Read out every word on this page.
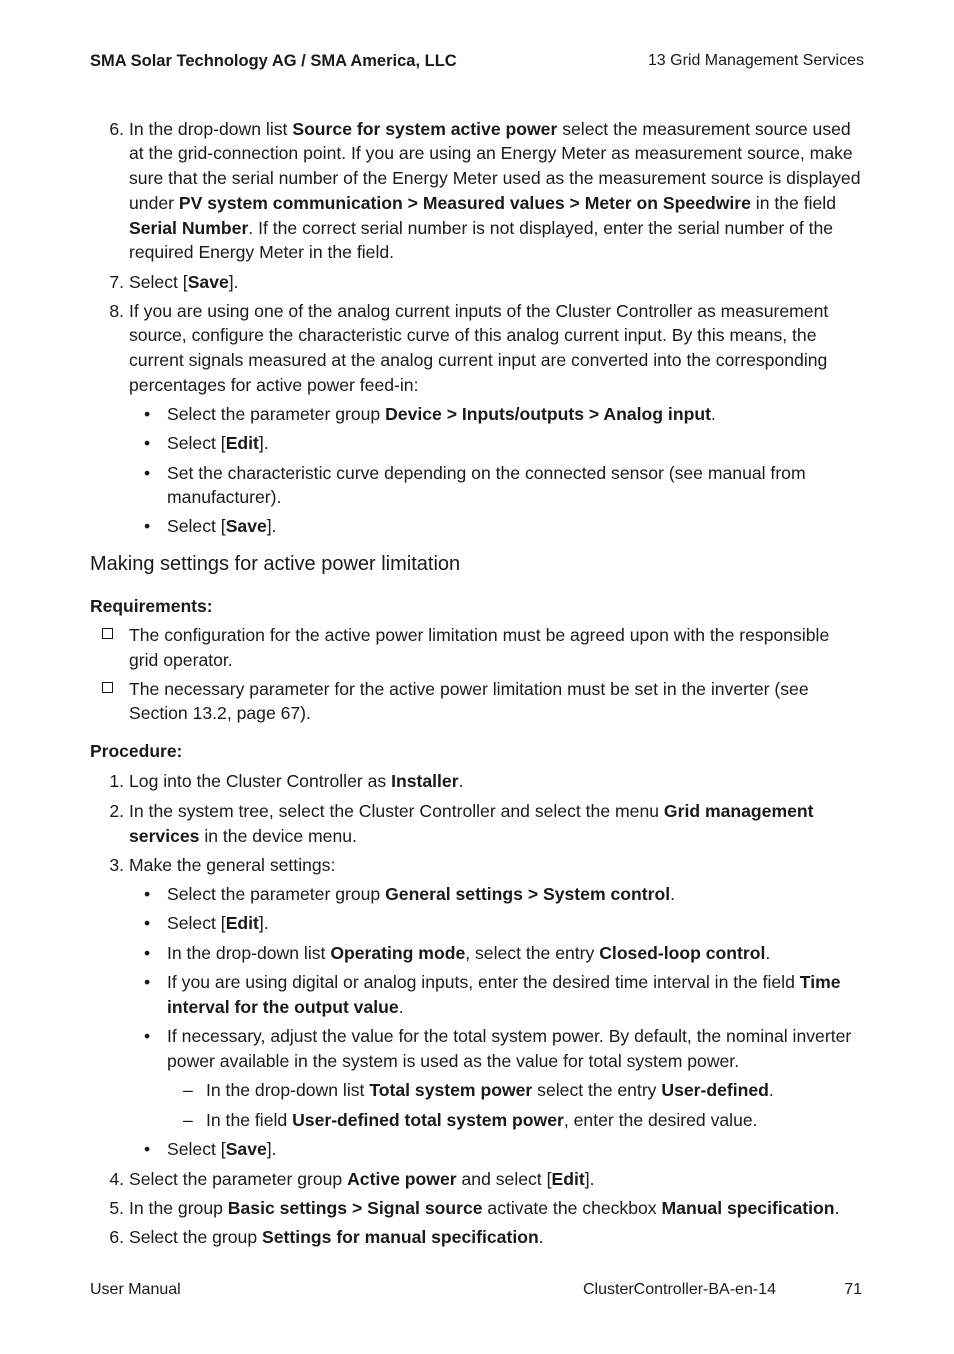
SMA Solar Technology AG / SMA America, LLC	13 Grid Management Services
6. In the drop-down list Source for system active power select the measurement source used
at the grid-connection point. If you are using an Energy Meter as measurement source, make
sure that the serial number of the Energy Meter used as the measurement source is displayed
under PV system communication > Measured values > Meter on Speedwire in the field
Serial Number. If the correct serial number is not displayed, enter the serial number of the
required Energy Meter in the field.
7. Select [Save].
8. If you are using one of the analog current inputs of the Cluster Controller as measurement
source, configure the characteristic curve of this analog current input. By this means, the
current signals measured at the analog current input are converted into the corresponding
percentages for active power feed-in:
• Select the parameter group Device > Inputs/outputs > Analog input.
• Select [Edit].
• Set the characteristic curve depending on the connected sensor (see manual from
manufacturer).
• Select [Save].
Making settings for active power limitation
Requirements:
The configuration for the active power limitation must be agreed upon with the responsible
grid operator.
The necessary parameter for the active power limitation must be set in the inverter (see
Section 13.2, page 67).
Procedure:
1. Log into the Cluster Controller as Installer.
2. In the system tree, select the Cluster Controller and select the menu Grid management
services in the device menu.
3. Make the general settings:
• Select the parameter group General settings > System control.
• Select [Edit].
• In the drop-down list Operating mode, select the entry Closed-loop control.
• If you are using digital or analog inputs, enter the desired time interval in the field Time
interval for the output value.
• If necessary, adjust the value for the total system power. By default, the nominal inverter
power available in the system is used as the value for total system power.
– In the drop-down list Total system power select the entry User-defined.
– In the field User-defined total system power, enter the desired value.
• Select [Save].
4. Select the parameter group Active power and select [Edit].
5. In the group Basic settings > Signal source activate the checkbox Manual specification.
6. Select the group Settings for manual specification.
User Manual	ClusterController-BA-en-14	71
